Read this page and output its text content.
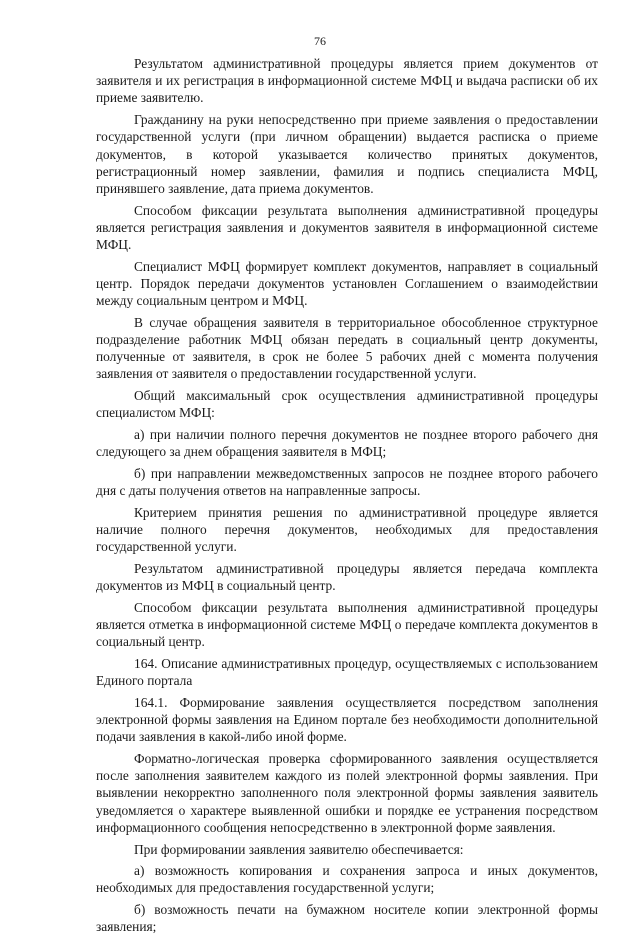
76

Результатом административной процедуры является прием документов от заявителя и их регистрация в информационной системе МФЦ и выдача расписки об их приеме заявителю.

Гражданину на руки непосредственно при приеме заявления о предоставлении государственной услуги (при личном обращении) выдается расписка о приеме документов, в которой указывается количество принятых документов, регистрационный номер заявлении, фамилия и подпись специалиста МФЦ, принявшего заявление, дата приема документов.

Способом фиксации результата выполнения административной процедуры является регистрация заявления и документов заявителя в информационной системе МФЦ.

Специалист МФЦ формирует комплект документов, направляет в социальный центр. Порядок передачи документов установлен Соглашением о взаимодействии между социальным центром и МФЦ.

В случае обращения заявителя в территориальное обособленное структурное подразделение работник МФЦ обязан передать в социальный центр документы, полученные от заявителя, в срок не более 5 рабочих дней с момента получения заявления от заявителя о предоставлении государственной услуги.

Общий максимальный срок осуществления административной процедуры специалистом МФЦ:

а) при наличии полного перечня документов не позднее второго рабочего дня следующего за днем обращения заявителя в МФЦ;

б) при направлении межведомственных запросов не позднее второго рабочего дня с даты получения ответов на направленные запросы.

Критерием принятия решения по административной процедуре является наличие полного перечня документов, необходимых для предоставления государственной услуги.

Результатом административной процедуры является передача комплекта документов из МФЦ в социальный центр.

Способом фиксации результата выполнения административной процедуры является отметка в информационной системе МФЦ о передаче комплекта документов в социальный центр.

164. Описание административных процедур, осуществляемых с использованием Единого портала

164.1. Формирование заявления осуществляется посредством заполнения электронной формы заявления на Едином портале без необходимости дополнительной подачи заявления в какой-либо иной форме.

Форматно-логическая проверка сформированного заявления осуществляется после заполнения заявителем каждого из полей электронной формы заявления. При выявлении некорректно заполненного поля электронной формы заявления заявитель уведомляется о характере выявленной ошибки и порядке ее устранения посредством информационного сообщения непосредственно в электронной форме заявления.

При формировании заявления заявителю обеспечивается:

а) возможность копирования и сохранения запроса и иных документов, необходимых для предоставления государственной услуги;

б) возможность печати на бумажном носителе копии электронной формы заявления;
